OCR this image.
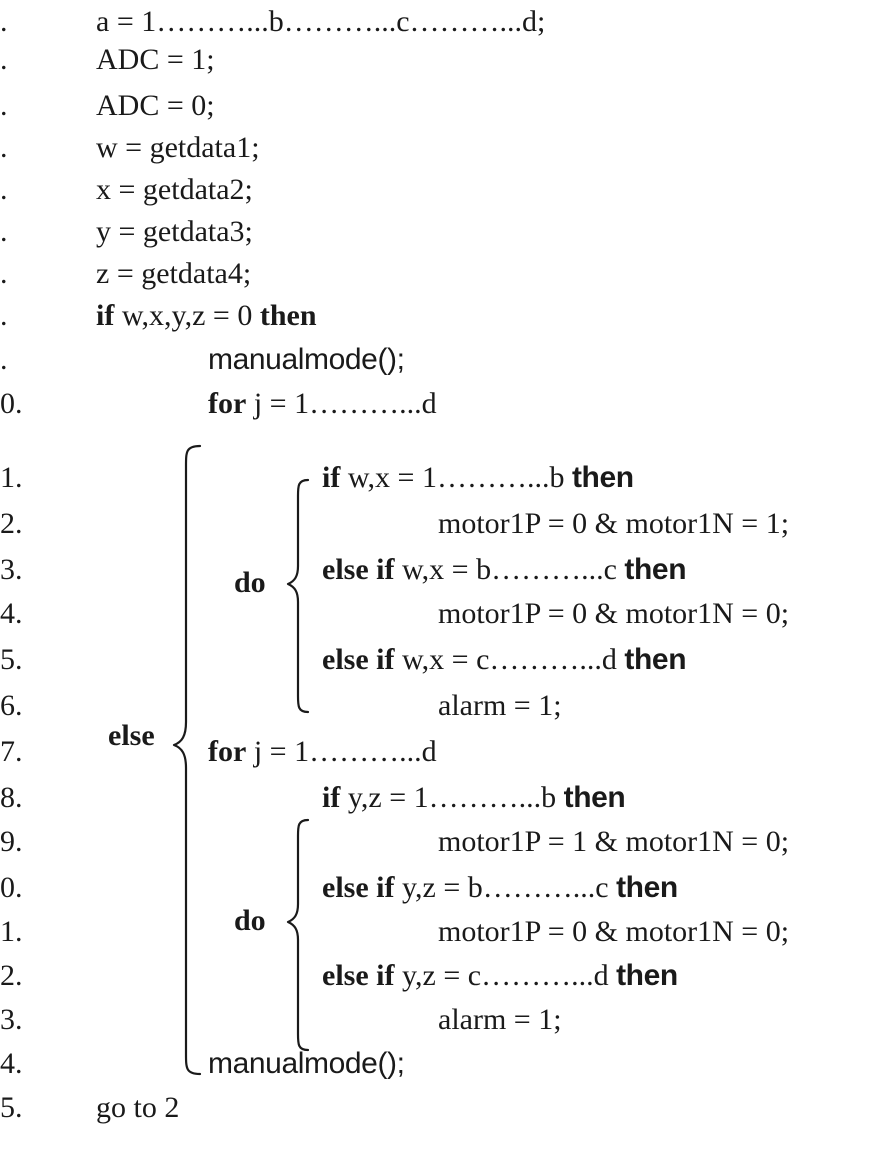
else
do
do
.	a = 1………...b………...c………...d;
.	ADC = 1;
.	ADC = 0;
.	w = getdata1;
.	x = getdata2;
.	y = getdata3;
.	z = getdata4;
.	if w,x,y,z = 0 then
.	manualmode();
0.	for j = 1………...d
1.	if w,x = 1………...b then
2.	motor1P = 0 & motor1N = 1;
3.	else if w,x = b………...c then
4.	motor1P = 0 & motor1N = 0;
5.	else if w,x = c………...d then
6.	alarm = 1;
7.	for j = 1………...d
8.	if y,z = 1………...b then
9.	motor1P = 1 & motor1N = 0;
0.	else if y,z = b………...c then
1.	motor1P = 0 & motor1N = 0;
2.	else if y,z = c………...d then
3.	alarm = 1;
4.	manualmode();
5. go to 2
